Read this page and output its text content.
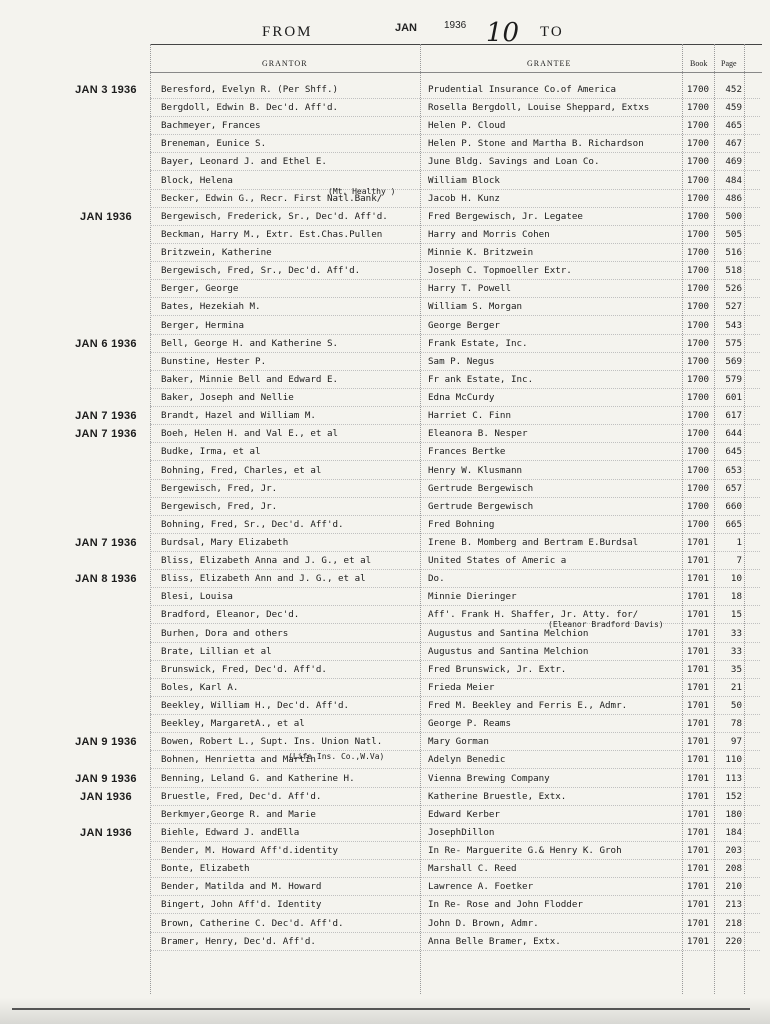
FROM	JAN	1936 10 TO
GRANTOR	GRANTEE	Book Page
JAN 3 1936	Beresford, Evelyn R. (Per Shff.)	Prudential Insurance Co.of America	1700	452
Bergdoll, Edwin B. Dec'd. Aff'd.	Rosella Bergdoll, Louise Sheppard, Extxs	1700	459
Bachmeyer, Frances	Helen P. Cloud	1700	465
Breneman, Eunice S.	Helen P. Stone and Martha B. Richardson	1700	467
Bayer, Leonard J. and Ethel E.	June Bldg. Savings and Loan Co.	1700	469
Block, Helena	William Block	1700	484
Becker, Edwin G., Recr. First Natl.Bank/	Jacob H. Kunz	1700	486
JAN 1936	Bergewisch, Frederick, Sr., Dec'd. Aff'd.	Fred Bergewisch, Jr. Legatee	1700	500
Beckman, Harry M., Extr. Est.Chas.Pullen	Harry and Morris Cohen	1700	505
Britzwein, Katherine	Minnie K. Britzwein	1700	516
Bergewisch, Fred, Sr., Dec'd. Aff'd.	Joseph C. Topmoeller Extr.	1700	518
Berger, George	Harry T. Powell	1700	526
Bates, Hezekiah M.	William S. Morgan	1700	527
Berger, Hermina	George Berger	1700	543
JAN 6 1936	Bell, George H. and Katherine S.	Frank Estate, Inc.	1700	575
Bunstine, Hester P.	Sam P. Negus	1700	569
Baker, Minnie Bell and Edward E.	Fr ank Estate, Inc.	1700	579
Baker, Joseph and Nellie	Edna McCurdy	1700	601
JAN 7 1936	Brandt, Hazel and William M.	Harriet C. Finn	1700	617
JAN 7 1936	Boeh, Helen H. and Val E., et al	Eleanora B. Nesper	1700	644
Budke, Irma, et al	Frances Bertke	1700	645
Bohning, Fred, Charles, et al	Henry W. Klusmann	1700	653
Bergewisch, Fred, Jr.	Gertrude Bergewisch	1700	657
Bergewisch, Fred, Jr.	Gertrude Bergewisch	1700	660
Bohning, Fred, Sr., Dec'd. Aff'd.	Fred Bohning	1700	665
JAN 7 1936	Burdsal, Mary Elizabeth	Irene B. Momberg and Bertram E.Burdsal	1701	1
Bliss, Elizabeth Anna and J. G., et al	United States of Americ a	1701	7
JAN 8 1936	Bliss, Elizabeth Ann and J. G., et al	Do.	1701	10
Blesi, Louisa	Minnie Dieringer	1701	18
Bradford, Eleanor, Dec'd.	Aff'. Frank H. Shaffer, Jr. Atty. for/	1701	15
Burhen, Dora and others	Augustus and Santina Melchion	1701	33
Brate, Lillian et al	Augustus and Santina Melchion	1701	33
Brunswick, Fred, Dec'd. Aff'd.	Fred Brunswick, Jr. Extr.	1701	35
Boles, Karl A.	Frieda Meier	1701	21
Beekley, William H., Dec'd. Aff'd.	Fred M. Beekley and Ferris E., Admr.	1701	50
Beekley, MargaretA., et al	George P. Reams	1701	78
JAN 9 1936	Bowen, Robert L., Supt. Ins. Union Natl.	Mary Gorman	1701	97
Bohnen, Henrietta and Martin	Adelyn Benedic	1701	110
JAN 9 1936	Benning, Leland G. and Katherine H.	Vienna Brewing Company	1701	113
JAN 1936	Bruestle, Fred, Dec'd. Aff'd.	Katherine Bruestle, Extx.	1701	152
Berkmyer,George R. and Marie	Edward Kerber	1701	180
JAN 1936	Biehle, Edward J. andElla	JosephDillon	1701	184
Bender, M. Howard Aff'd.identity	In Re- Marguerite G.& Henry K. Groh	1701	203
Bonte, Elizabeth	Marshall C. Reed	1701	208
Bender, Matilda and M. Howard	Lawrence A. Foetker	1701	210
Bingert, John Aff'd. Identity	In Re- Rose and John Flodder	1701	213
Brown, Catherine C. Dec'd. Aff'd.	John D. Brown, Admr.	1701	218
Bramer, Henry, Dec'd. Aff'd.	Anna Belle Bramer, Extx.	1701	220
(Mt. Healthy )
(Life Ins. Co.,W.Va)
(Eleanor Bradford Davis)
